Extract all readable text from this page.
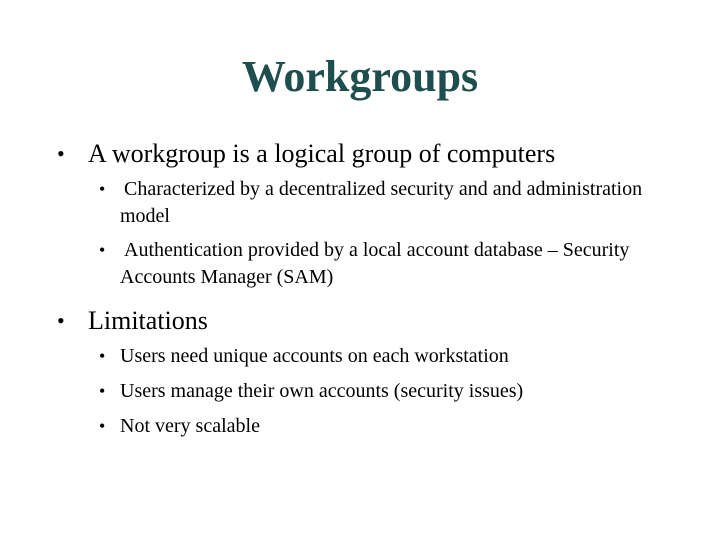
Workgroups
• A workgroup is a logical group of computers
• Characterized by a decentralized security and and administration model
• Authentication provided by a local account database – Security Accounts Manager (SAM)
• Limitations
• Users need unique accounts on each workstation
• Users manage their own accounts (security issues)
• Not very scalable
